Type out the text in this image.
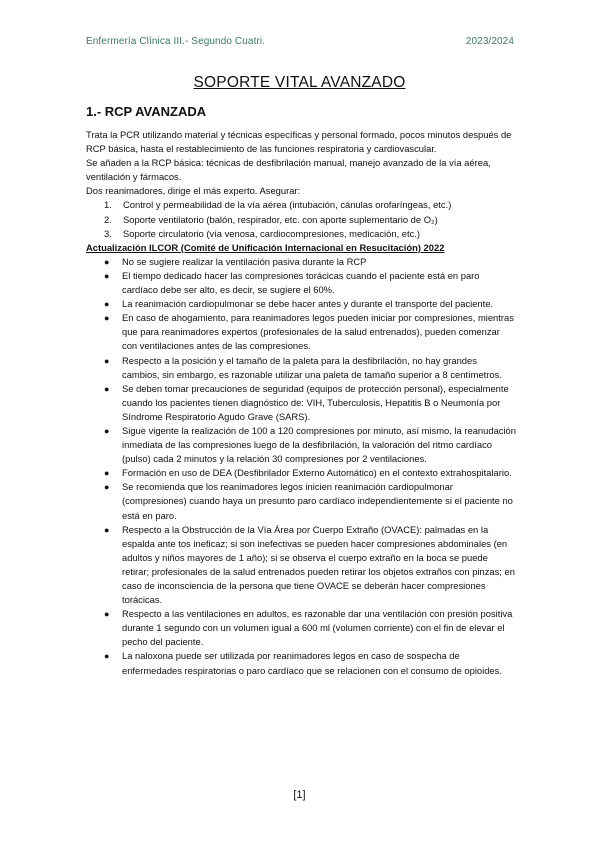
Enfermería Clínica III.- Segundo Cuatri.	2023/2024
SOPORTE VITAL AVANZADO
1.- RCP AVANZADA

Trata la PCR utilizando material y técnicas específicas y personal formado, pocos minutos después de RCP básica, hasta el restablecimiento de las funciones respiratoria y cardiovascular.

Se añaden a la RCP básica: técnicas de desfibrilación manual, manejo avanzado de la vía aérea, ventilación y fármacos.

Dos reanimadores, dirige el más experto. Asegurar:

1.	Control y permeabilidad de la vía aérea (intubación, cánulas orofaríngeas, etc.)
2.	Soporte ventilatorio (balón, respirador, etc. con aporte suplementario de O₂)
3.	Soporte circulatorio (vía venosa, cardiocompresiones, medicación, etc.)

Actualización ILCOR (Comité de Unificación Internacional en Resucitación) 2022

● No se sugiere realizar la ventilación pasiva durante la RCP
● El tiempo dedicado hacer las compresiones torácicas cuando el paciente está en paro cardíaco debe ser alto, es decir, se sugiere el 60%.
● La reanimación cardiopulmonar se debe hacer antes y durante el transporte del paciente.
● En caso de ahogamiento, para reanimadores legos pueden iniciar por compresiones, mientras que para reanimadores expertos (profesionales de la salud entrenados), pueden comenzar con ventilaciones antes de las compresiones.
● Respecto a la posición y el tamaño de la paleta para la desfibrilación, no hay grandes cambios, sin embargo, es razonable utilizar una paleta de tamaño superior a 8 centímetros.
● Se deben tomar precauciones de seguridad (equipos de protección personal), especialmente cuando los pacientes tienen diagnóstico de: VIH, Tuberculosis, Hepatitis B o Neumonía por Síndrome Respiratorio Agudo Grave (SARS).
● Sigue vigente la realización de 100 a 120 compresiones por minuto, así mismo, la reanudación inmediata de las compresiones luego de la desfibrilación, la valoración del ritmo cardíaco (pulso) cada 2 minutos y la relación 30 compresiones por 2 ventilaciones.
● Formación en uso de DEA (Desfibrilador Externo Automático) en el contexto extrahospitalario.
● Se recomienda que los reanimadores legos inicien reanimación cardiopulmonar (compresiones) cuando haya un presunto paro cardíaco independientemente si el paciente no está en paro.
● Respecto a la Obstrucción de la Vía Área por Cuerpo Extraño (OVACE): palmadas en la espalda ante tos ineficaz; si son inefectivas se pueden hacer compresiones abdominales (en adultos y niños mayores de 1 año); si se observa el cuerpo extraño en la boca se puede retirar; profesionales de la salud entrenados pueden retirar los objetos extraños con pinzas; en caso de inconsciencia de la persona que tiene OVACE se deberán hacer compresiones torácicas.
● Respecto a las ventilaciones en adultos, es razonable dar una ventilación con presión positiva durante 1 segundo con un volumen igual a 600 ml (volumen corriente) con el fin de elevar el pecho del paciente.
● La naloxona puede ser utilizada por reanimadores legos en caso de sospecha de enfermedades respiratorias o paro cardíaco que se relacionen con el consumo de opioides.
[1]
